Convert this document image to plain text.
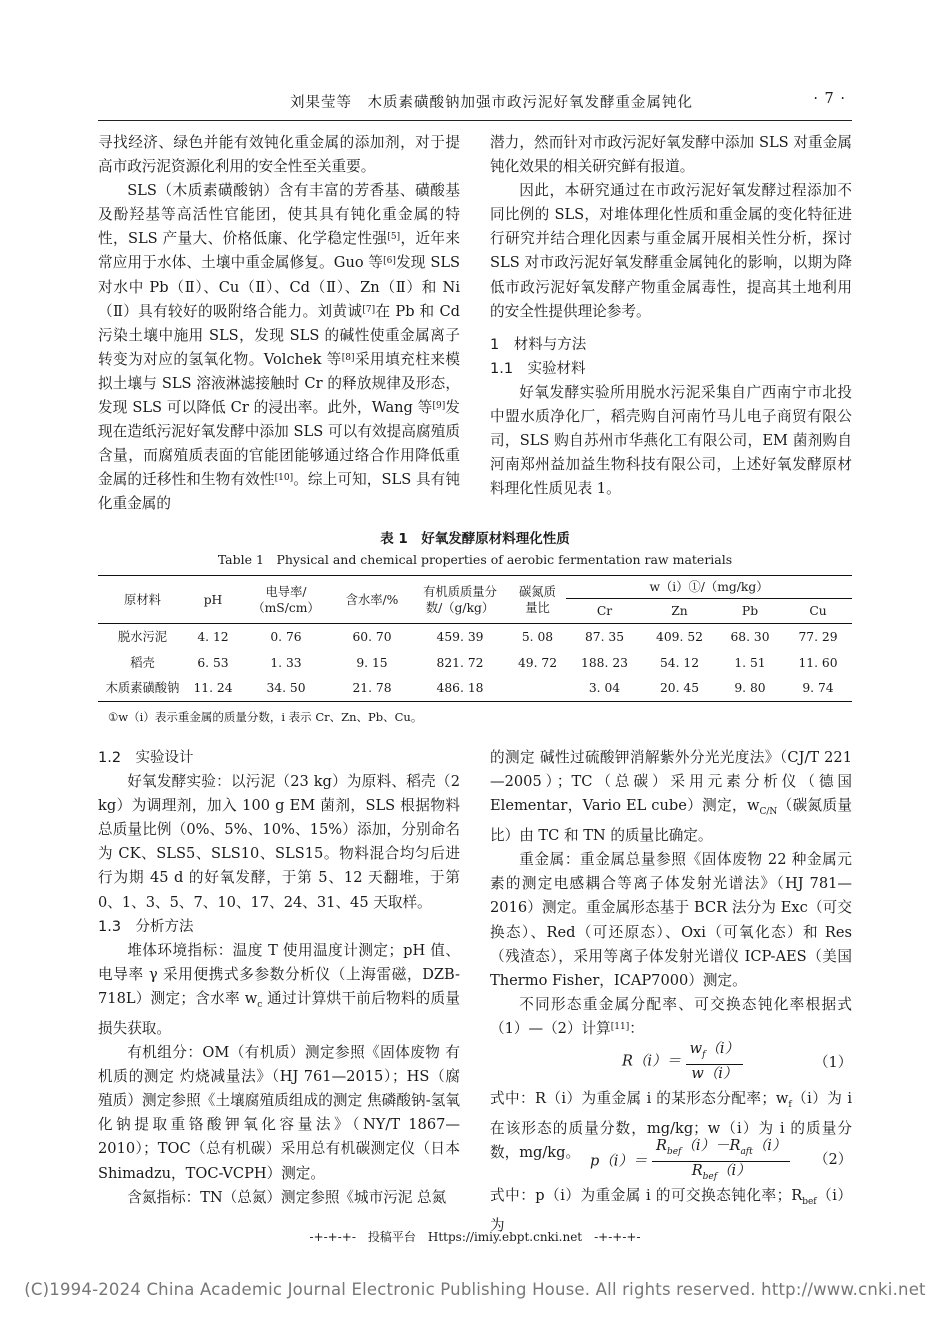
刘果莹等　木质素磺酸钠加强市政污泥好氧发酵重金属钝化	· 7 ·

寻找经济、绿色并能有效钝化重金属的添加剂，对于提高市政污泥资源化利用的安全性至关重要。

SLS（木质素磺酸钠）含有丰富的芳香基、磺酸基及酚羟基等高活性官能团，使其具有钝化重金属的特性，SLS 产量大、价格低廉、化学稳定性强[5]，近年来常应用于水体、土壤中重金属修复。Guo 等[6]发现 SLS 对水中 Pb（Ⅱ）、Cu（Ⅱ）、Cd（Ⅱ）、Zn（Ⅱ）和 Ni（Ⅱ）具有较好的吸附络合能力。刘黄诚[7]在 Pb 和 Cd 污染土壤中施用 SLS，发现 SLS 的碱性使重金属离子转变为对应的氢氧化物。Volchek 等[8]采用填充柱来模拟土壤与 SLS 溶液淋滤接触时 Cr 的释放规律及形态，发现 SLS 可以降低 Cr 的浸出率。此外，Wang 等[9]发现在造纸污泥好氧发酵中添加 SLS 可以有效提高腐殖质含量，而腐殖质表面的官能团能够通过络合作用降低重金属的迁移性和生物有效性[10]。综上可知，SLS 具有钝化重金属的

潜力，然而针对市政污泥好氧发酵中添加 SLS 对重金属钝化效果的相关研究鲜有报道。

因此，本研究通过在市政污泥好氧发酵过程添加不同比例的 SLS，对堆体理化性质和重金属的变化特征进行研究并结合理化因素与重金属开展相关性分析，探讨 SLS 对市政污泥好氧发酵重金属钝化的影响，以期为降低市政污泥好氧发酵产物重金属毒性，提高其土地利用的安全性提供理论参考。

1　材料与方法

1.1　实验材料

好氧发酵实验所用脱水污泥采集自广西南宁市北投中盟水质净化厂，稻壳购自河南竹马儿电子商贸有限公司，SLS 购自苏州市华燕化工有限公司，EM 菌剂购自河南郑州益加益生物科技有限公司，上述好氧发酵原材料理化性质见表 1。

表 1　好氧发酵原材料理化性质
Table 1　Physical and chemical properties of aerobic fermentation raw materials
原材料	pH	电导率/（mS/cm）	含水率/%	有机质质量分数/（g/kg）	碳氮质量比	w（i）①/（mg/kg）			
						Cr	Zn	Pb	Cu
脱水污泥	4. 12	0. 76	60. 70	459. 39	5. 08	87. 35	409. 52	68. 30	77. 29
稻壳	6. 53	1. 33	9. 15	821. 72	49. 72	188. 23	54. 12	1. 51	11. 60
木质素磺酸钠	11. 24	34. 50	21. 78	486. 18		3. 04	20. 45	9. 80	9. 74
①w（i）表示重金属的质量分数，i 表示 Cr、Zn、Pb、Cu。

1.2　实验设计

好氧发酵实验：以污泥（23 kg）为原料、稻壳（2 kg）为调理剂，加入 100 g EM 菌剂，SLS 根据物料总质量比例（0%、5%、10%、15%）添加，分别命名为 CK、SLS5、SLS10、SLS15。物料混合均匀后进行为期 45 d 的好氧发酵，于第 5、12 天翻堆，于第 0、1、3、5、7、10、17、24、31、45 天取样。

1.3　分析方法

堆体环境指标：温度 T 使用温度计测定；pH 值、电导率 γ 采用便携式多参数分析仪（上海雷磁，DZB-718L）测定；含水率 $w_c$ 通过计算烘干前后物料的质量损失获取。

有机组分：OM（有机质）测定参照《固体废物 有机质的测定 灼烧减量法》（HJ 761—2015）；HS（腐殖质）测定参照《土壤腐殖质组成的测定 焦磷酸钠-氢氧化钠提取重铬酸钾氧化容量法》（NY/T 1867—2010）；TOC（总有机碳）采用总有机碳测定仪（日本 Shimadzu，TOC-VCPH）测定。

含氮指标：TN（总氮）测定参照《城市污泥 总氮

的测定 碱性过硫酸钾消解紫外分光光度法》（CJ/T 221—2005）；TC（总碳）采用元素分析仪（德国 Elementar，Vario EL cube）测定，$w_{C/N}$（碳氮质量比）由 TC 和 TN 的质量比确定。

重金属：重金属总量参照《固体废物 22 种金属元素的测定电感耦合等离子体发射光谱法》（HJ 781—2016）测定。重金属形态基于 BCR 法分为 Exc（可交换态）、Red（可还原态）、Oxi（可氧化态）和 Res（残渣态），采用等离子体发射光谱仪 ICP-AES（美国 Thermo Fisher，ICAP7000）测定。

不同形态重金属分配率、可交换态钝化率根据式（1）—（2）计算[11]：

$R(i)= \frac{w_f(i)}{w(i)}$	（1）

式中：R（i）为重金属 i 的某形态分配率；$w_f(i)$为 i 在该形态的质量分数，mg/kg；w（i）为 i 的质量分数，mg/kg。

$p(i)= \frac{R_{bef}(i)-R_{aft}(i)}{R_{bef}(i)} (2)$

式中：p（i）为重金属 i 的可交换态钝化率；$R_{bef}(i)$为

-+-+-+-　投稿平台　Https://imiy.ebpt.cnki.net　-+-+-+-
(C)1994-2024 China Academic Journal Electronic Publishing House. All rights reserved. http://www.cnki.net
